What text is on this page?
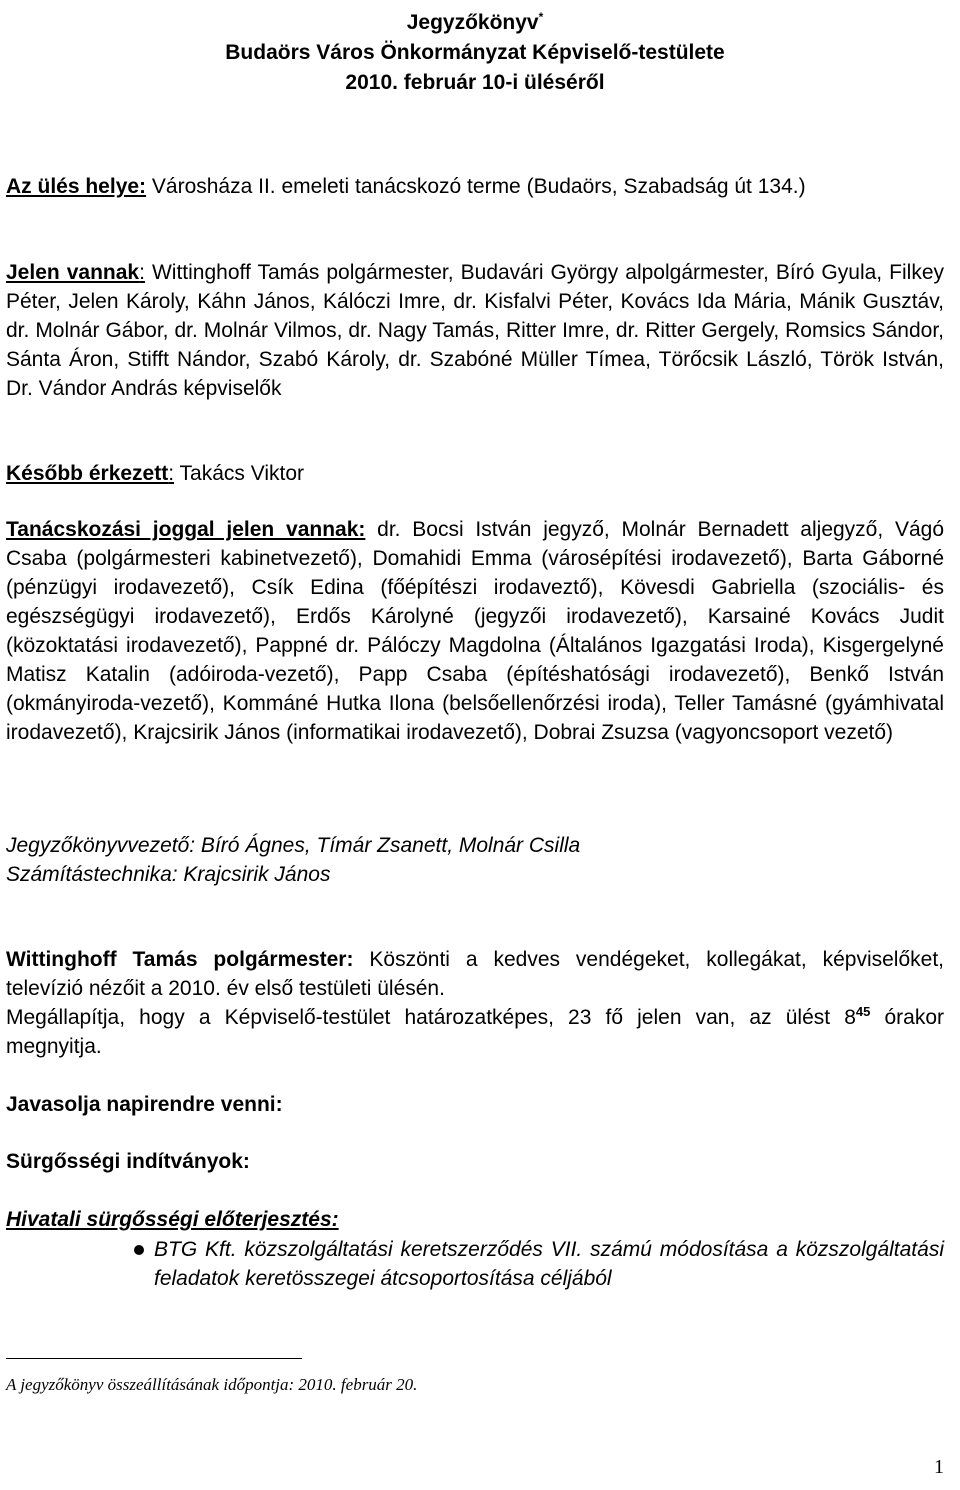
Jegyzőkönyv*

Budaörs Város Önkormányzat Képviselő-testülete

2010. február 10-i üléséről

Az ülés helye: Városháza II. emeleti tanácskozó terme (Budaörs, Szabadság út 134.)

Jelen vannak: Wittinghoff Tamás polgármester, Budavári György alpolgármester, Bíró Gyula, Filkey Péter, Jelen Károly, Káhn János, Kálóczi Imre, dr. Kisfalvi Péter, Kovács Ida Mária, Mánik Gusztáv, dr. Molnár Gábor, dr. Molnár Vilmos, dr. Nagy Tamás, Ritter Imre, dr. Ritter Gergely, Romsics Sándor, Sánta Áron, Stifft Nándor, Szabó Károly, dr. Szabóné Müller Tímea, Törőcsik László, Török István, Dr. Vándor András képviselők

Később érkezett: Takács Viktor

Tanácskozási joggal jelen vannak: dr. Bocsi István jegyző, Molnár Bernadett aljegyző, Vágó Csaba (polgármesteri kabinetvezető), Domahidi Emma (városépítési irodavezető), Barta Gáborné (pénzügyi irodavezető), Csík Edina (főépítészi irodaveztő), Kövesdi Gabriella (szociális- és egészségügyi irodavezető), Erdős Károlyné (jegyzői irodavezető), Karsainé Kovács Judit (közoktatási irodavezető), Pappné dr. Pálóczy Magdolna (Általános Igazgatási Iroda), Kisgergelyné Matisz Katalin (adóiroda-vezető), Papp Csaba (építéshatósági irodavezető), Benkő István (okmányiroda-vezető), Kommáné Hutka Ilona (belsőellenőrzési iroda), Teller Tamásné (gyámhivatal irodavezető), Krajcsirik János (informatikai irodavezető), Dobrai Zsuzsa (vagyoncsoport vezető)

Jegyzőkönyvvezető: Bíró Ágnes, Tímár Zsanett, Molnár Csilla

Számítástechnika: Krajcsirik János

Wittinghoff Tamás polgármester: Köszönti a kedves vendégeket, kollegákat, képviselőket, televízió nézőit a 2010. év első testületi ülésén.

Megállapítja, hogy a Képviselő-testület határozatképes, 23 fő jelen van, az ülést $8^{45}$ órakor megnyitja.

Javasolja napirendre venni:

Sürgősségi indítványok:

Hivatali sürgősségi előterjesztés:

BTG Kft. közszolgáltatási keretszerződés VII. számú módosítása a közszolgáltatási feladatok keretösszegei átcsoportosítása céljából

A jegyzőkönyv összeállításának időpontja: 2010. február 20.

1
